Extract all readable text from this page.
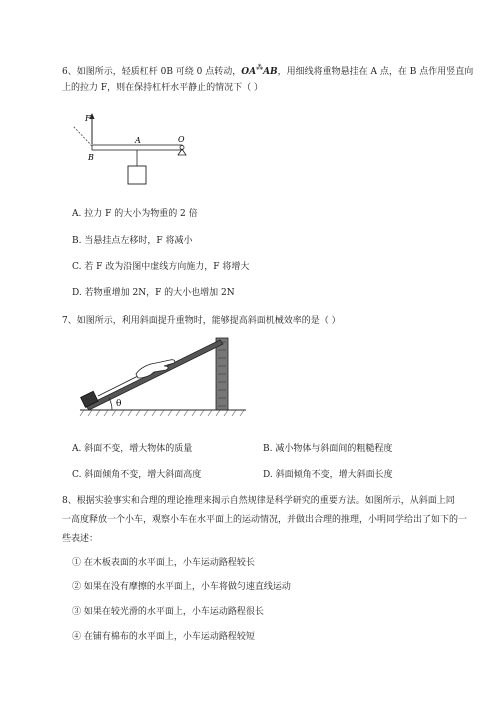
6、如图所示，轻质杠杆 0B 可绕 0 点转动，OA⁂AB，用细线将重物悬挂在 A 点，在 B 点作用竖直向
上的拉力 F，则在保持杠杆水平静止的情况下（ ）
F
O
B
A
A. 拉力 F 的大小为物重的 2 倍
B. 当悬挂点左移时，F 将减小
C. 若 F 改为沿图中虚线方向施力，F 将增大
D. 若物重增加 2N，F 的大小也增加 2N
7、如图所示，利用斜面提升重物时，能够提高斜面机械效率的是（ ）
θ
A. 斜面不变，增大物体的质量	B. 减小物体与斜面间的粗糙程度
C. 斜面倾角不变，增大斜面高度	D. 斜面倾角不变，增大斜面长度
8、根据实验事实和合理的理论推理来揭示自然规律是科学研究的重要方法。如图所示，从斜面上同
一高度释放一个小车，观察小车在水平面上的运动情况，并做出合理的推理，小明同学给出了如下的一
些表述：
① 在木板表面的水平面上，小车运动路程较长
② 如果在没有摩擦的水平面上，小车将做匀速直线运动
③ 如果在较光滑的水平面上，小车运动路程很长
④ 在铺有棉布的水平面上，小车运动路程较短
